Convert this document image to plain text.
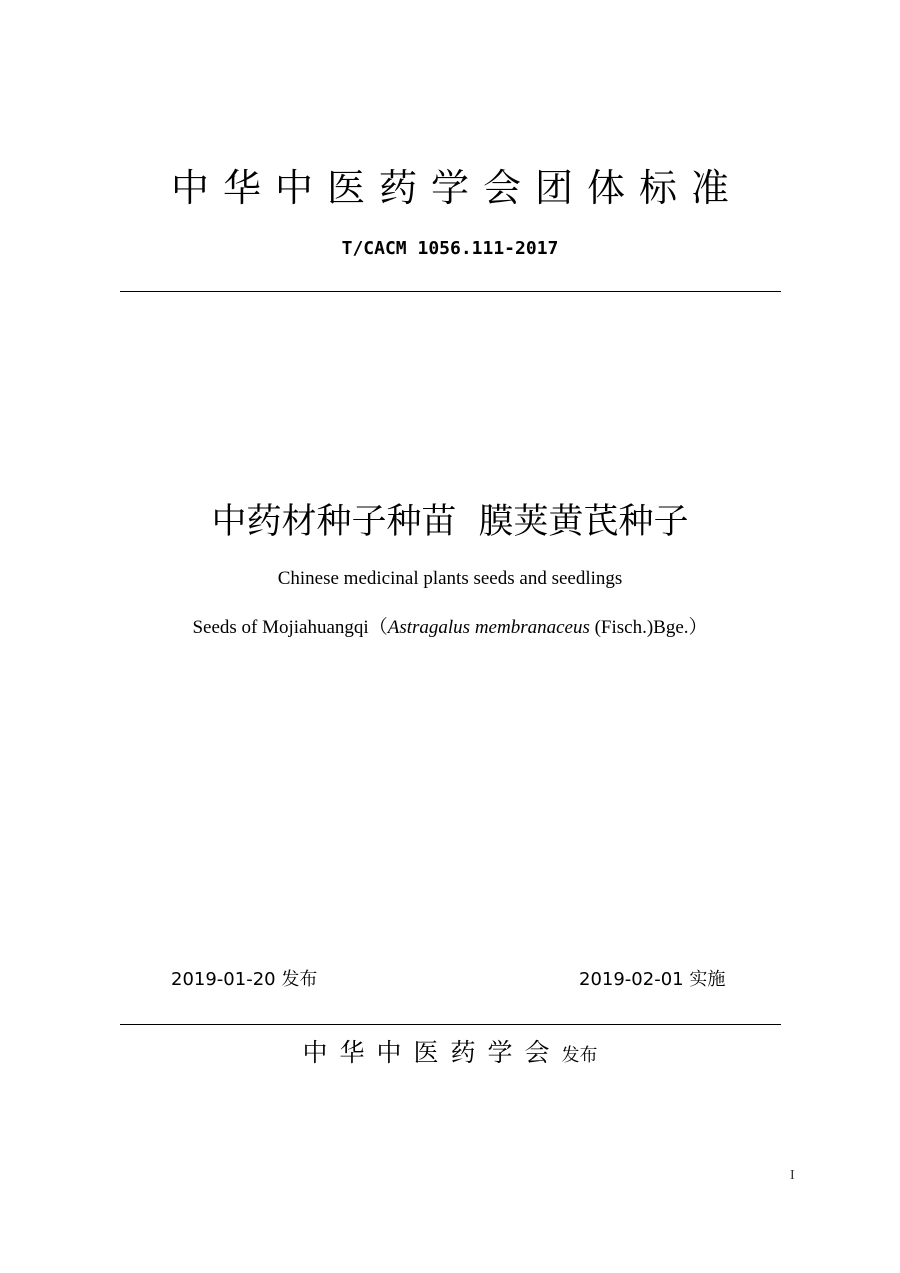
中华中医药学会团体标准
T/CACM 1056.111-2017
中药材种子种苗 膜荚黄芪种子
Chinese medicinal plants seeds and seedlings
Seeds of Mojiahuangqi（Astragalus membranaceus (Fisch.)Bge.）
2019-01-20 发布	2019-02-01 实施
中华中医药学会发布
I
